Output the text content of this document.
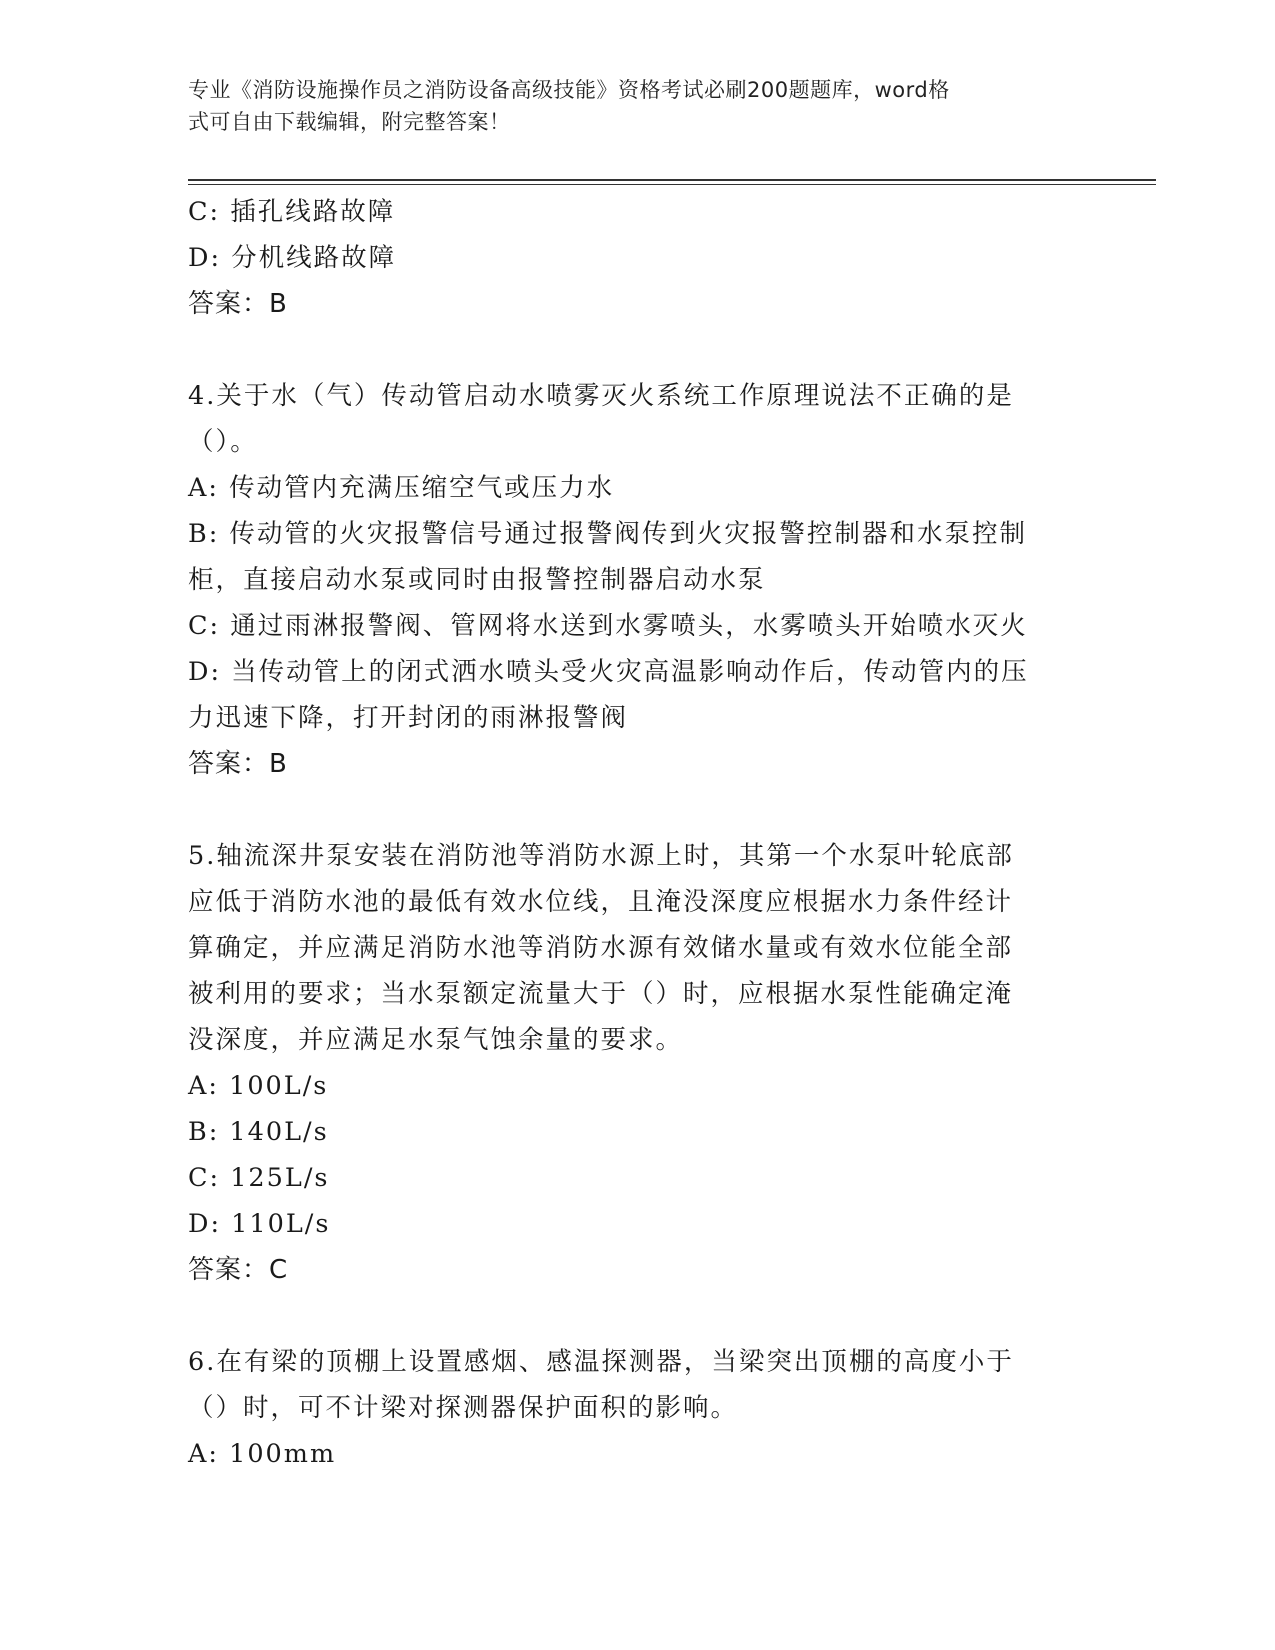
专业《消防设施操作员之消防设备高级技能》资格考试必刷200题题库，word格
式可自由下载编辑，附完整答案！
C: 插孔线路故障
D: 分机线路故障
答案：B
4.关于水（气）传动管启动水喷雾灭火系统工作原理说法不正确的是
（）。
A: 传动管内充满压缩空气或压力水
B: 传动管的火灾报警信号通过报警阀传到火灾报警控制器和水泵控制
柜，直接启动水泵或同时由报警控制器启动水泵
C: 通过雨淋报警阀、管网将水送到水雾喷头，水雾喷头开始喷水灭火
D: 当传动管上的闭式洒水喷头受火灾高温影响动作后，传动管内的压
力迅速下降，打开封闭的雨淋报警阀
答案：B
5.轴流深井泵安装在消防池等消防水源上时，其第一个水泵叶轮底部
应低于消防水池的最低有效水位线，且淹没深度应根据水力条件经计
算确定，并应满足消防水池等消防水源有效储水量或有效水位能全部
被利用的要求；当水泵额定流量大于（）时，应根据水泵性能确定淹
没深度，并应满足水泵气蚀余量的要求。
A: 100L/s
B: 140L/s
C: 125L/s
D: 110L/s
答案：C
6.在有梁的顶棚上设置感烟、感温探测器，当梁突出顶棚的高度小于
（）时，可不计梁对探测器保护面积的影响。
A: 100mm
